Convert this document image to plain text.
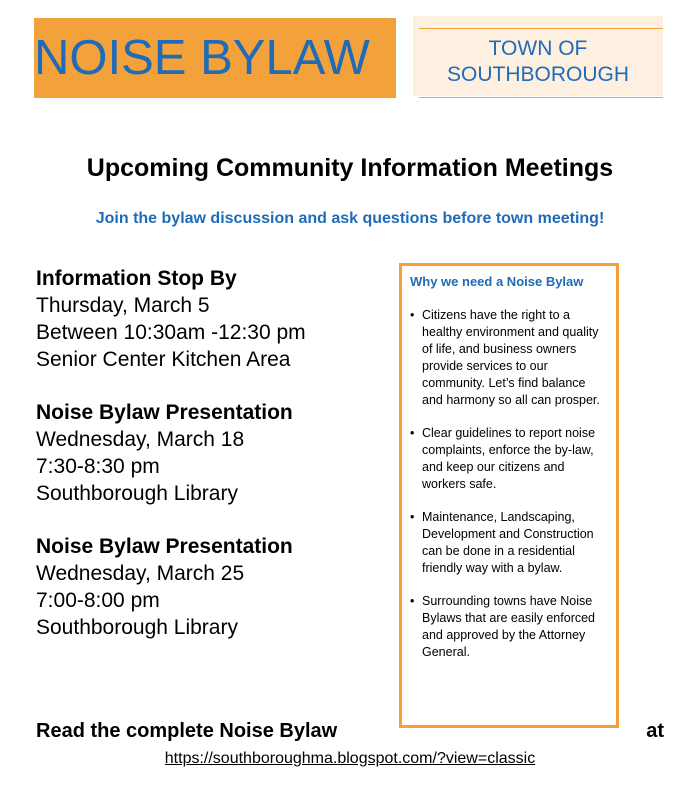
NOISE BYLAW	TOWN OF
SOUTHBOROUGH
Upcoming Community Information Meetings
Join the bylaw discussion and ask questions before town meeting!
Information Stop By
Thursday, March 5
Between 10:30am -12:30 pm
Senior Center Kitchen Area
Noise Bylaw Presentation
Wednesday, March 18
7:30-8:30 pm
Southborough Library
Noise Bylaw Presentation
Wednesday, March 25
7:00-8:00 pm
Southborough Library
Why we need a Noise Bylaw
• Citizens have the right to a healthy environment and quality of life, and business owners provide services to our community. Let’s find balance and harmony so all can prosper.
• Clear guidelines to report noise complaints, enforce the by-law, and keep our citizens and workers safe.
• Maintenance, Landscaping, Development and Construction can be done in a residential friendly way with a bylaw.
• Surrounding towns have Noise Bylaws that are easily enforced and approved by the Attorney General.
Read the complete Noise Bylaw	at
https://southboroughma.blogspot.com/?view=classic
